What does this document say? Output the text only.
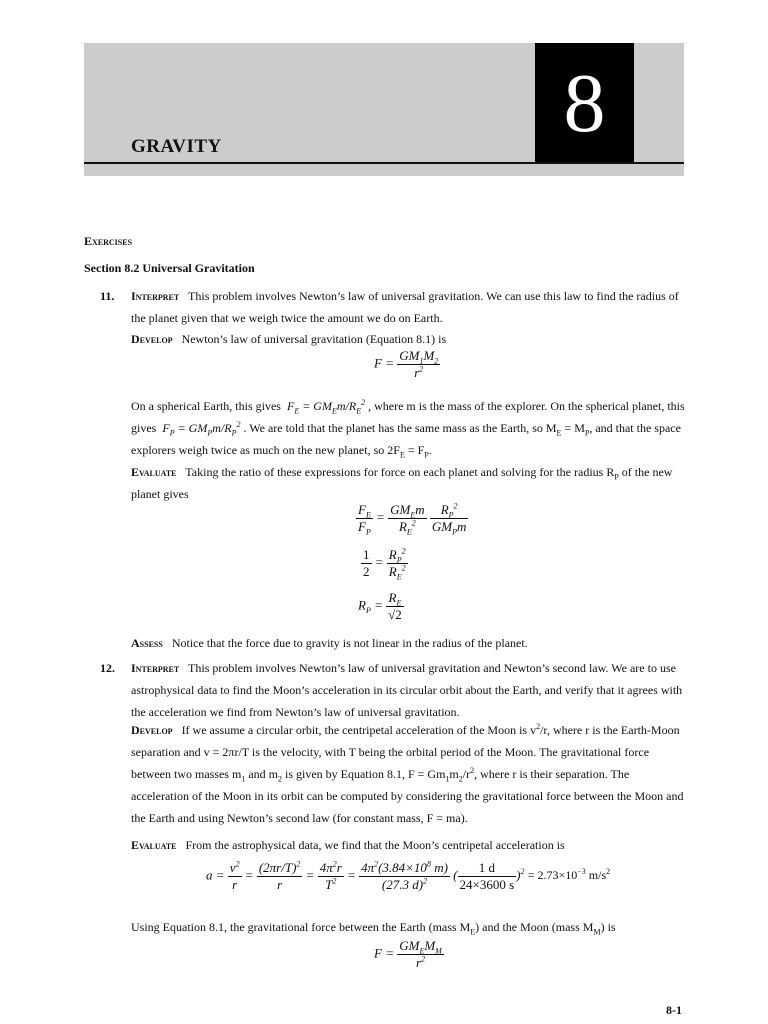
8
GRAVITY
Exercises
Section 8.2 Universal Gravitation
11. Interpret This problem involves Newton’s law of universal gravitation. We can use this law to find the radius of the planet given that we weigh twice the amount we do on Earth.
Develop Newton’s law of universal gravitation (Equation 8.1) is
$F = \frac{GM_1M_2}{r^2}$
On a spherical Earth, this gives  $F_E = GM_Em/R_E^2$ , where m is the mass of the explorer. On the spherical planet, this
gives  $F_P = GM_Pm/R_P^2$ . We are told that the planet has the same mass as the Earth, so $M_E = M_P$, and that the space
explorers weigh twice as much on the new planet, so $2F_E = F_P$.
Evaluate Taking the ratio of these expressions for force on each planet and solving for the radius $R_P$ of the new planet gives
$\frac{F_E}{F_P} = \frac{GM_Em}{R_E^2}$
$\frac{R_P^2}{GM_Pm}$
$\frac{1}{2} = \frac{R_P^2}{R_E^2}$
$R_P = \frac{R_E}{√2}$
Assess Notice that the force due to gravity is not linear in the radius of the planet.
12. Interpret This problem involves Newton’s law of universal gravitation and Newton’s second law. We are to use astrophysical data to find the Moon’s acceleration in its circular orbit about the Earth, and verify that it agrees with the acceleration we find from Newton’s law of universal gravitation.
Develop If we assume a circular orbit, the centripetal acceleration of the Moon is $v^2/r$, where r is the Earth-Moon separation and v = 2πr/T is the velocity, with T being the orbital period of the Moon. The gravitational force between two masses $m_1$ and $m_2$ is given by Equation 8.1, $F = Gm_1m_2/r^2$, where r is their separation. The acceleration of the Moon in its orbit can be computed by considering the gravitational force between the Moon and the Earth and using Newton’s second law (for constant mass, F = ma).
Evaluate From the astrophysical data, we find that the Moon’s centripetal acceleration is
$a = \frac{v^2}{r} = \frac{(2\pi r/T)^2}{r} = \frac{4\pi^2r}{T^2} = \frac{4\pi^2(3.84\times 10^8 m)}{(27.3 d)^2}$ ( $\frac{1 d}{24\times 3600 s} )^2 = 2.73\times 10^{-3}$ $m/s^2$
Using Equation 8.1, the gravitational force between the Earth (mass $M_E$) and the Moon (mass $M_M$) is
$F = \frac{GM_EM_M}{r^2}$
8-1
